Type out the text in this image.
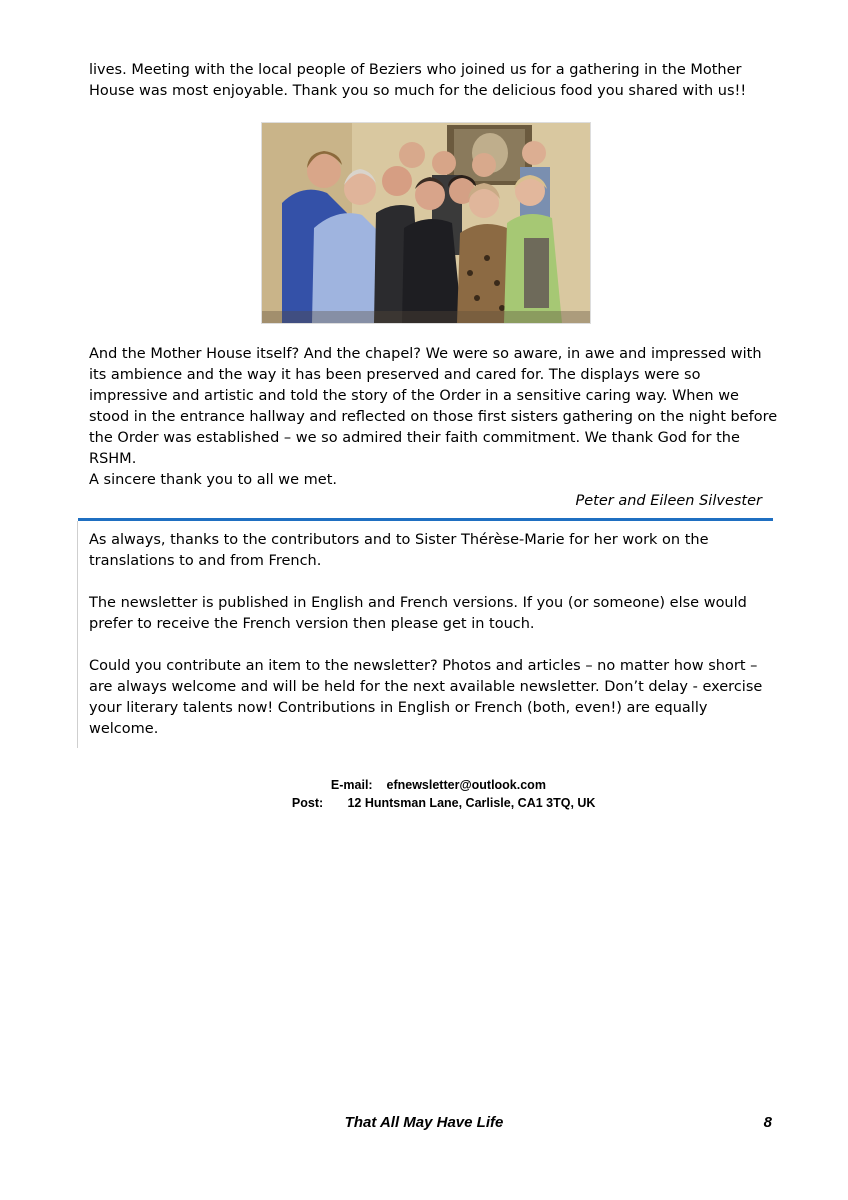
lives. Meeting with the local people of Beziers who joined us for a gathering in the Mother House was most enjoyable. Thank you so much for the delicious food you shared with us!!

And the Mother House itself? And the chapel? We were so aware, in awe and impressed with its ambience and the way it has been preserved and cared for. The displays were so impressive and artistic and told the story of the Order in a sensitive caring way. When we stood in the entrance hallway and reflected on those first sisters gathering on the night before the Order was established – we so admired their faith commitment. We thank God for the RSHM.

A sincere thank you to all we met.

Peter and Eileen Silvester

As always, thanks to the contributors and to Sister Thérèse-Marie for her work on the translations to and from French.

The newsletter is published in English and French versions. If you (or someone) else would prefer to receive the French version then please get in touch.

Could you contribute an item to the newsletter? Photos and articles – no matter how short – are always welcome and will be held for the next available newsletter. Don’t delay - exercise your literary talents now! Contributions in English or French (both, even!) are equally welcome.

E-mail: efnewsletter@outlook.com

Post: 12 Huntsman Lane, Carlisle, CA1 3TQ, UK

That All May Have Life	8
